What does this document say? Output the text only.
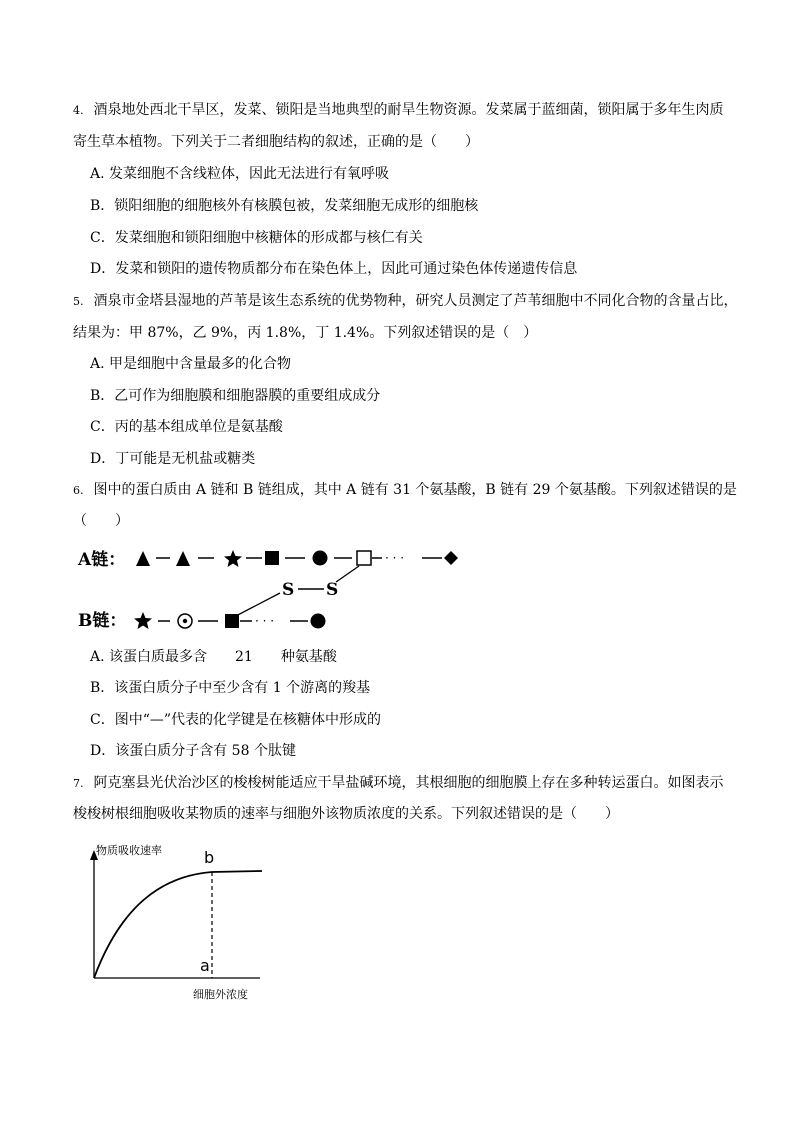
4. 酒泉地处西北干旱区，发菜、锁阳是当地典型的耐旱生物资源。发菜属于蓝细菌，锁阳属于多年生肉质
寄生草本植物。下列关于二者细胞结构的叙述，正确的是（　　）
A. 发菜细胞不含线粒体，因此无法进行有氧呼吸
B．锁阳细胞的细胞核外有核膜包被，发菜细胞无成形的细胞核
C．发菜细胞和锁阳细胞中核糖体的形成都与核仁有关
D．发菜和锁阳的遗传物质都分布在染色体上，因此可通过染色体传递遗传信息
5. 酒泉市金塔县湿地的芦苇是该生态系统的优势物种，研究人员测定了芦苇细胞中不同化合物的含量占比，
结果为：甲 87%，乙 9%，丙 1.8%，丁 1.4%。下列叙述错误的是（　）
A. 甲是细胞中含量最多的化合物
B．乙可作为细胞膜和细胞器膜的重要组成成分
C．丙的基本组成单位是氨基酸
D．丁可能是无机盐或糖类
6. 图中的蛋白质由 A 链和 B 链组成，其中 A 链有 31 个氨基酸，B 链有 29 个氨基酸。下列叙述错误的是
（　　）
A链：	· · ·
S S
B链：	· · ·
A. 该蛋白质最多含　　21　　种氨基酸
B．该蛋白质分子中至少含有 1 个游离的羧基
C．图中“—”代表的化学键是在核糖体中形成的
D．该蛋白质分子含有 58 个肽键
7. 阿克塞县光伏治沙区的梭梭树能适应干旱盐碱环境，其根细胞的细胞膜上存在多种转运蛋白。如图表示
梭梭树根细胞吸收某物质的速率与细胞外该物质浓度的关系。下列叙述错误的是（　　）
物质吸收速率	b
a
细胞外浓度
